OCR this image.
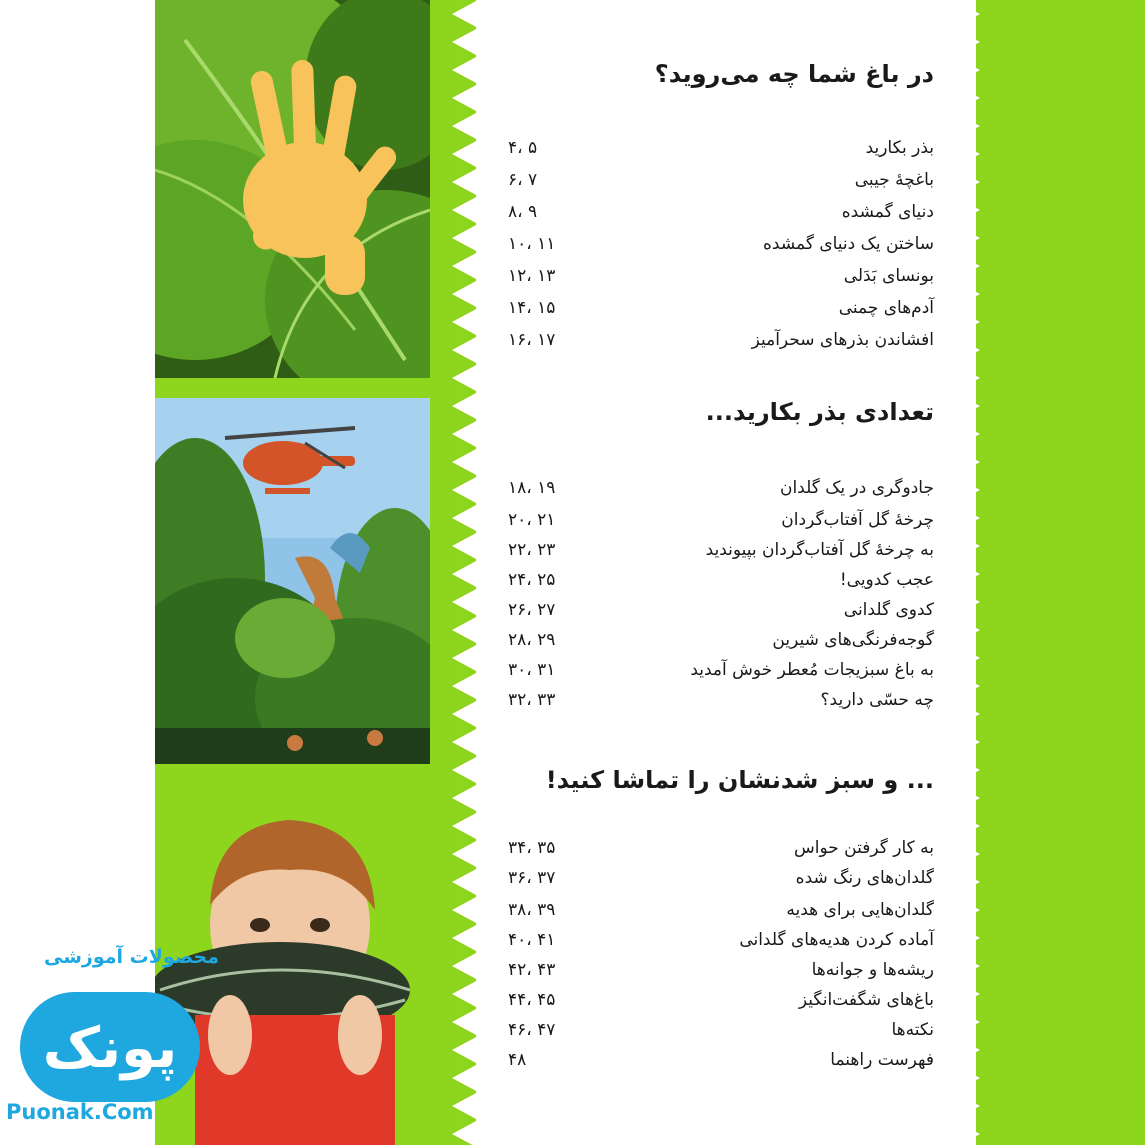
در باغ شما چه می‌روید؟
بذر بکارید
۴، ۵
باغچهٔ جیبی
۶، ۷
دنیای گمشده
۸، ۹
ساختن یک دنیای گمشده
۱۰، ۱۱
بونسای بَدَلی
۱۲، ۱۳
آدم‌های چمنی
۱۴، ۱۵
افشاندن بذرهای سحرآمیز
۱۶، ۱۷
تعدادی بذر بکارید...
جادوگری در یک گلدان
۱۸، ۱۹
چرخهٔ گل آفتاب‌گردان
۲۰، ۲۱
به چرخهٔ گل آفتاب‌گردان بپیوندید
۲۲، ۲۳
عجب کدویی!
۲۴، ۲۵
کدوی گلدانی
۲۶، ۲۷
گوجه‌فرنگی‌های شیرین
۲۸، ۲۹
به باغ سبزیجات مُعطر خوش آمدید
۳۰، ۳۱
چه حسّی دارید؟
۳۲، ۳۳
... و سبز شدنشان را تماشا کنید!
به کار گرفتن حواس
۳۴، ۳۵
گلدان‌های رنگ شده
۳۶، ۳۷
گلدان‌هایی برای هدیه
۳۸، ۳۹
آماده کردن هدیه‌های گلدانی
۴۰، ۴۱
ریشه‌ها و جوانه‌ها
۴۲، ۴۳
باغ‌های شگفت‌انگیز
۴۴، ۴۵
نکته‌ها
۴۶، ۴۷
فهرست راهنما
۴۸
محصولات آموزشی
پونک
Puonak.Com
